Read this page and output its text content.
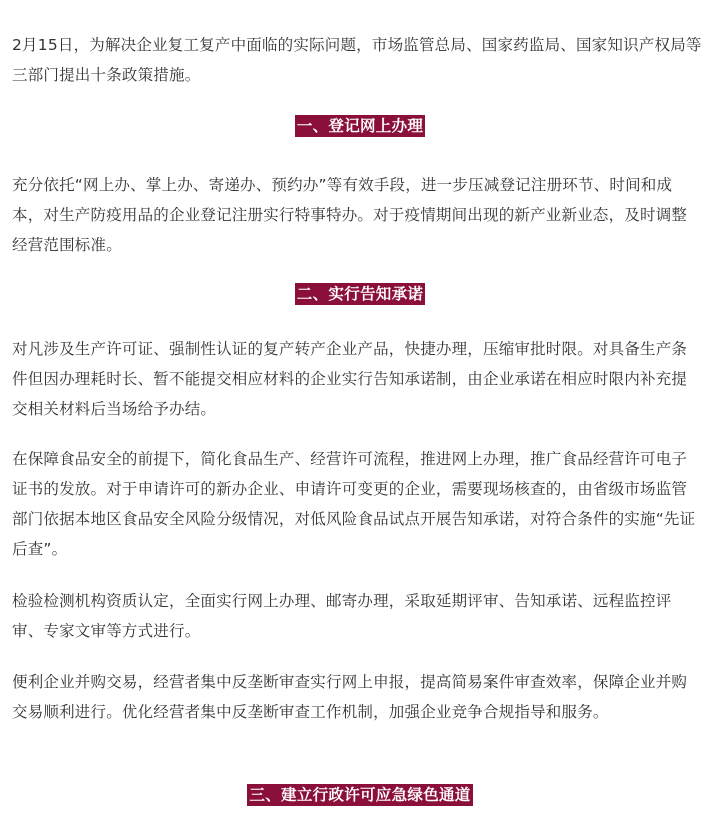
2月15日，为解决企业复工复产中面临的实际问题，市场监管总局、国家药监局、国家知识产权局等三部门提出十条政策措施。

一、登记网上办理

充分依托“网上办、掌上办、寄递办、预约办”等有效手段，进一步压减登记注册环节、时间和成本，对生产防疫用品的企业登记注册实行特事特办。对于疫情期间出现的新产业新业态，及时调整经营范围标准。

二、实行告知承诺

对凡涉及生产许可证、强制性认证的复产转产企业产品，快捷办理，压缩审批时限。对具备生产条件但因办理耗时长、暂不能提交相应材料的企业实行告知承诺制，由企业承诺在相应时限内补充提交相关材料后当场给予办结。

在保障食品安全的前提下，简化食品生产、经营许可流程，推进网上办理，推广食品经营许可电子证书的发放。对于申请许可的新办企业、申请许可变更的企业，需要现场核查的，由省级市场监管部门依据本地区食品安全风险分级情况，对低风险食品试点开展告知承诺，对符合条件的实施“先证后查”。

检验检测机构资质认定，全面实行网上办理、邮寄办理，采取延期评审、告知承诺、远程监控评审、专家文审等方式进行。

便利企业并购交易，经营者集中反垄断审查实行网上申报，提高简易案件审查效率，保障企业并购交易顺利进行。优化经营者集中反垄断审查工作机制，加强企业竞争合规指导和服务。

三、建立行政许可应急绿色通道
